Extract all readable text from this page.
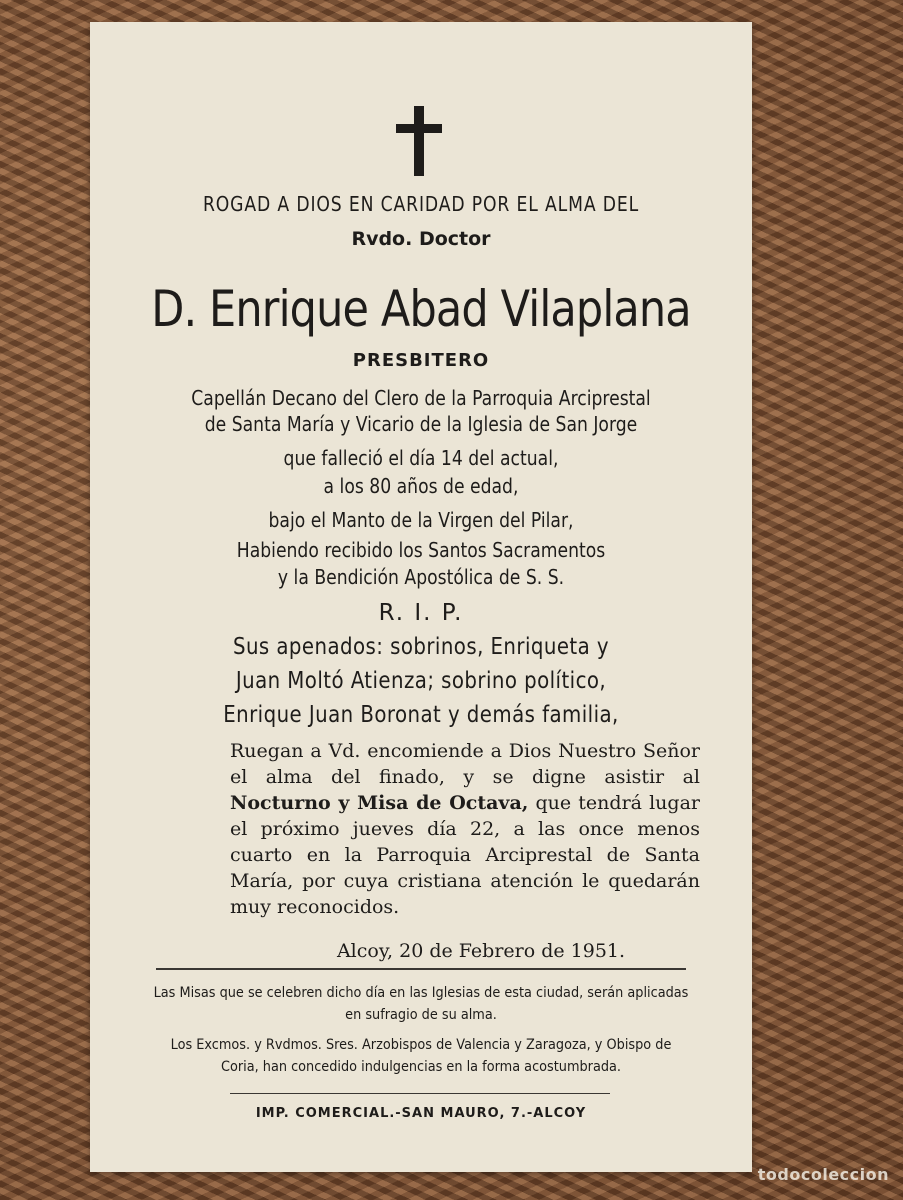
ROGAD A DIOS EN CARIDAD POR EL ALMA DEL
Rvdo. Doctor
D. Enrique Abad Vilaplana
PRESBITERO
Capellán Decano del Clero de la Parroquia Arciprestal
de Santa María y Vicario de la Iglesia de San Jorge
que falleció el día 14 del actual,
a los 80 años de edad,
bajo el Manto de la Virgen del Pilar,
Habiendo recibido los Santos Sacramentos
y la Bendición Apostólica de S. S.
R. I. P.
Sus apenados: sobrinos, Enriqueta y
Juan Moltó Atienza; sobrino político,
Enrique Juan Boronat y demás familia,
Ruegan a Vd. encomiende a Dios Nuestro Señor el alma del finado, y se digne asistir al Nocturno y Misa de Octava, que tendrá lugar el próximo jueves día 22, a las once menos cuarto en la Parroquia Arciprestal de Santa María, por cuya cristiana atención le quedarán muy reconocidos.
Alcoy, 20 de Febrero de 1951.
Las Misas que se celebren dicho día en las Iglesias de esta ciudad, serán aplicadas en sufragio de su alma.
Los Excmos. y Rvdmos. Sres. Arzobispos de Valencia y Zaragoza, y Obispo de Coria, han concedido indulgencias en la forma acostumbrada.
IMP. COMERCIAL.-SAN MAURO, 7.-ALCOY
todocoleccion
